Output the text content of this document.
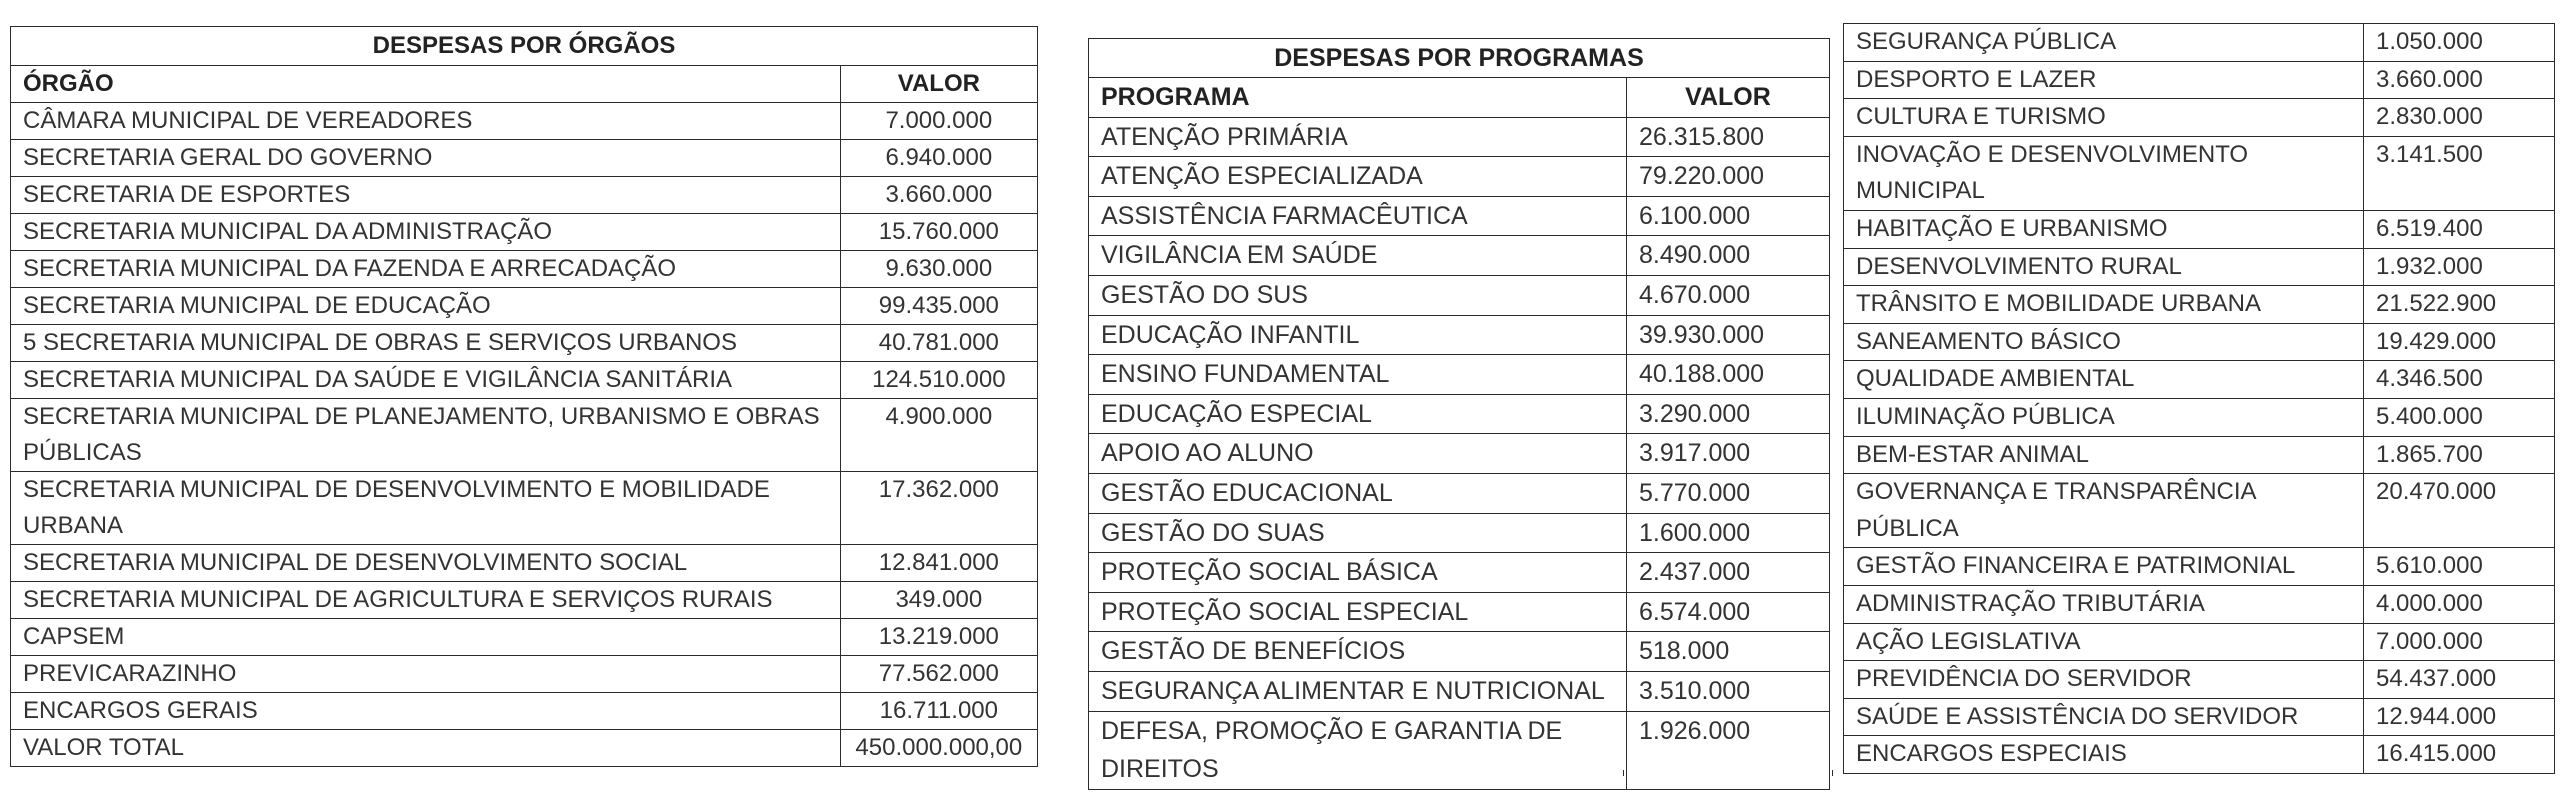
DESPESAS POR ÓRGÃOS	
ÓRGÃO	VALOR
CÂMARA MUNICIPAL DE VEREADORES	7.000.000
SECRETARIA GERAL DO GOVERNO	6.940.000
SECRETARIA DE ESPORTES	3.660.000
SECRETARIA MUNICIPAL DA ADMINISTRAÇÃO	15.760.000
SECRETARIA MUNICIPAL DA FAZENDA E ARRECADAÇÃO	9.630.000
SECRETARIA MUNICIPAL DE EDUCAÇÃO	99.435.000
5 SECRETARIA MUNICIPAL DE OBRAS E SERVIÇOS URBANOS	40.781.000
SECRETARIA MUNICIPAL DA SAÚDE E VIGILÂNCIA SANITÁRIA	124.510.000
SECRETARIA MUNICIPAL DE PLANEJAMENTO, URBANISMO E OBRAS PÚBLICAS	4.900.000
SECRETARIA MUNICIPAL DE DESENVOLVIMENTO E MOBILIDADE URBANA	17.362.000
SECRETARIA MUNICIPAL DE DESENVOLVIMENTO SOCIAL	12.841.000
SECRETARIA MUNICIPAL DE AGRICULTURA E SERVIÇOS RURAIS	349.000
CAPSEM	13.219.000
PREVICARAZINHO	77.562.000
ENCARGOS GERAIS	16.711.000
VALOR TOTAL	450.000.000,00
DESPESAS POR PROGRAMAS	
PROGRAMA	VALOR
ATENÇÃO PRIMÁRIA	26.315.800
ATENÇÃO ESPECIALIZADA	79.220.000
ASSISTÊNCIA FARMACÊUTICA	6.100.000
VIGILÂNCIA EM SAÚDE	8.490.000
GESTÃO DO SUS	4.670.000
EDUCAÇÃO INFANTIL	39.930.000
ENSINO FUNDAMENTAL	40.188.000
EDUCAÇÃO ESPECIAL	3.290.000
APOIO AO ALUNO	3.917.000
GESTÃO EDUCACIONAL	5.770.000
GESTÃO DO SUAS	1.600.000
PROTEÇÃO SOCIAL BÁSICA	2.437.000
PROTEÇÃO SOCIAL ESPECIAL	6.574.000
GESTÃO DE BENEFÍCIOS	518.000
SEGURANÇA ALIMENTAR E NUTRICIONAL	3.510.000
DEFESA, PROMOÇÃO E GARANTIA DE DIREITOS	1.926.000
SEGURANÇA PÚBLICA	1.050.000
DESPORTO E LAZER	3.660.000
CULTURA E TURISMO	2.830.000
INOVAÇÃO E DESENVOLVIMENTO MUNICIPAL	3.141.500
HABITAÇÃO E URBANISMO	6.519.400
DESENVOLVIMENTO RURAL	1.932.000
TRÂNSITO E MOBILIDADE URBANA	21.522.900
SANEAMENTO BÁSICO	19.429.000
QUALIDADE AMBIENTAL	4.346.500
ILUMINAÇÃO PÚBLICA	5.400.000
BEM-ESTAR ANIMAL	1.865.700
GOVERNANÇA E TRANSPARÊNCIA PÚBLICA	20.470.000
GESTÃO FINANCEIRA E PATRIMONIAL	5.610.000
ADMINISTRAÇÃO TRIBUTÁRIA	4.000.000
AÇÃO LEGISLATIVA	7.000.000
PREVIDÊNCIA DO SERVIDOR	54.437.000
SAÚDE E ASSISTÊNCIA DO SERVIDOR	12.944.000
ENCARGOS ESPECIAIS	16.415.000
